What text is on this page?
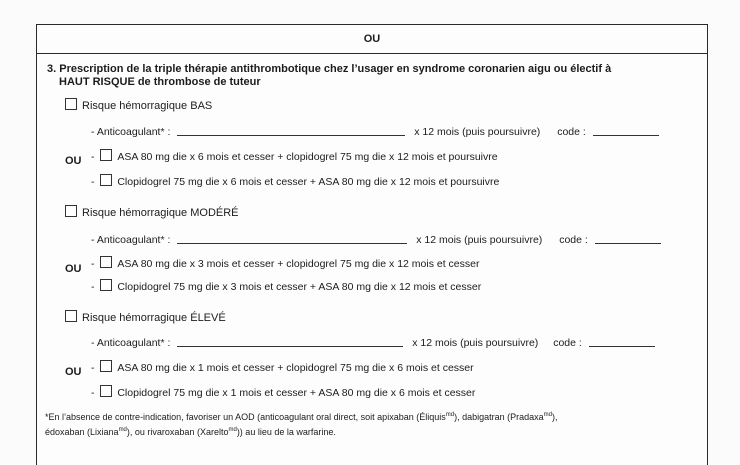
OU
3. Prescription de la triple thérapie antithrombotique chez l’usager en syndrome coronarien aigu ou électif à
HAUT RISQUE de thrombose de tuteur
Risque hémorragique BAS
- Anticoagulant* :	x 12 mois (puis poursuivre) code :
OU -  ASA 80 mg die x 6 mois et cesser + clopidogrel 75 mg die x 12 mois et poursuivre
-  Clopidogrel 75 mg die x 6 mois et cesser + ASA 80 mg die x 12 mois et poursuivre
Risque hémorragique MODÉRÉ
- Anticoagulant* :	x 12 mois (puis poursuivre) code :
OU -  ASA 80 mg die x 3 mois et cesser + clopidogrel 75 mg die x 12 mois et cesser
-  Clopidogrel 75 mg die x 3 mois et cesser + ASA 80 mg die x 12 mois et cesser
Risque hémorragique ÉLEVÉ
- Anticoagulant* :	x 12 mois (puis poursuivre) code :
OU -  ASA 80 mg die x 1 mois et cesser + clopidogrel 75 mg die x 6 mois et cesser
-  Clopidogrel 75 mg die x 1 mois et cesser + ASA 80 mg die x 6 mois et cesser
*En l’absence de contre-indication, favoriser un AOD (anticoagulant oral direct, soit apixaban (Éliquis$^{md}$), dabigatran (Pradaxa$^{md}$),
édoxaban (Lixiana$^{md}$), ou rivaroxaban (Xarelto$^{md}$)) au lieu de la warfarine.
